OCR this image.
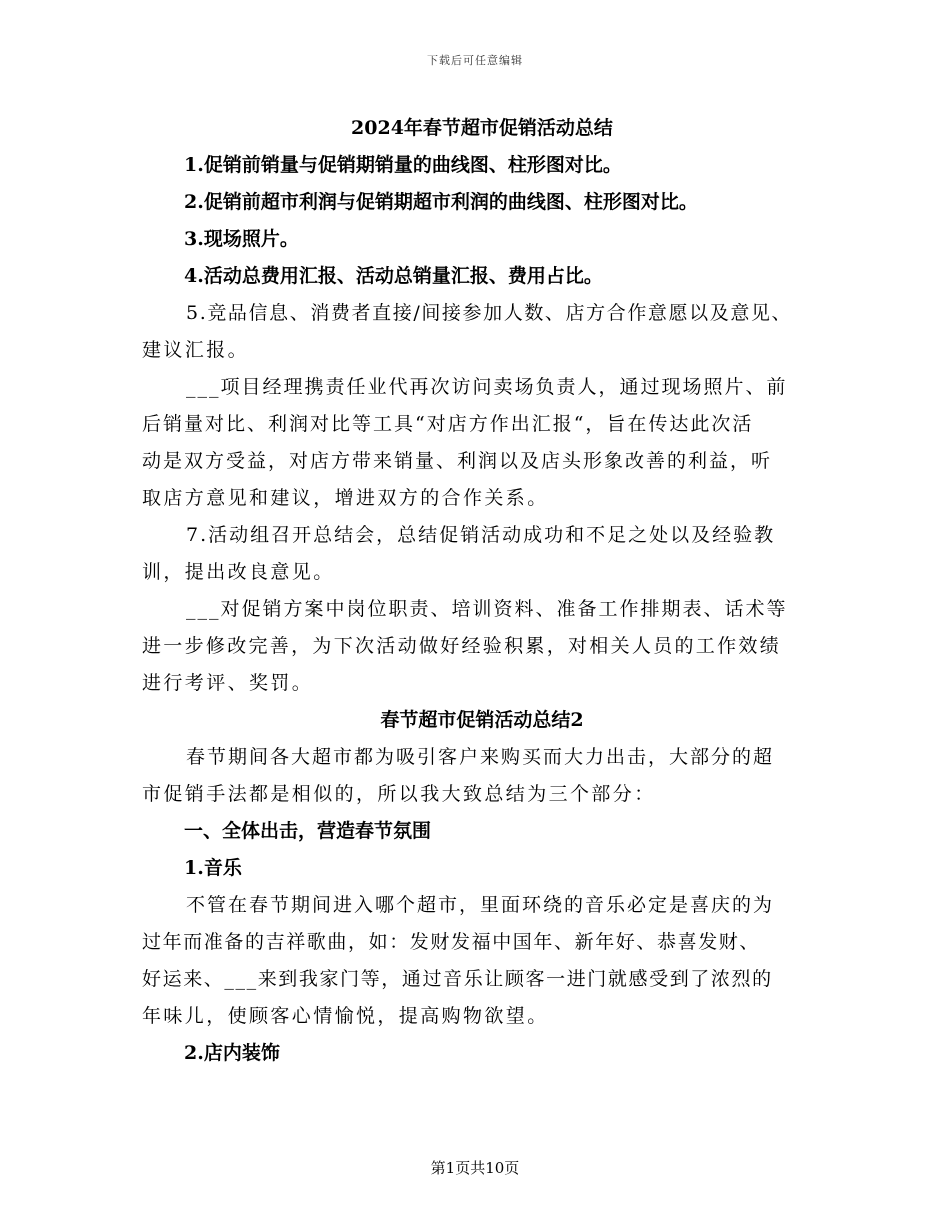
下载后可任意编辑
2024年春节超市促销活动总结
1.促销前销量与促销期销量的曲线图、柱形图对比。
2.促销前超市利润与促销期超市利润的曲线图、柱形图对比。
3.现场照片。
4.活动总费用汇报、活动总销量汇报、费用占比。
5.竞品信息、消费者直接/间接参加人数、店方合作意愿以及意见、
建议汇报。
___项目经理携责任业代再次访问卖场负责人，通过现场照片、前
后销量对比、利润对比等工具“对店方作出汇报“，旨在传达此次活
动是双方受益，对店方带来销量、利润以及店头形象改善的利益，听
取店方意见和建议，增进双方的合作关系。
7.活动组召开总结会，总结促销活动成功和不足之处以及经验教
训，提出改良意见。
___对促销方案中岗位职责、培训资料、准备工作排期表、话术等
进一步修改完善，为下次活动做好经验积累，对相关人员的工作效绩
进行考评、奖罚。
春节超市促销活动总结2
春节期间各大超市都为吸引客户来购买而大力出击，大部分的超
市促销手法都是相似的，所以我大致总结为三个部分：
一、全体出击，营造春节氛围
1.音乐
不管在春节期间进入哪个超市，里面环绕的音乐必定是喜庆的为
过年而准备的吉祥歌曲，如：发财发福中国年、新年好、恭喜发财、
好运来、___来到我家门等，通过音乐让顾客一进门就感受到了浓烈的
年味儿，使顾客心情愉悦，提高购物欲望。
2.店内装饰
第1页共10页
